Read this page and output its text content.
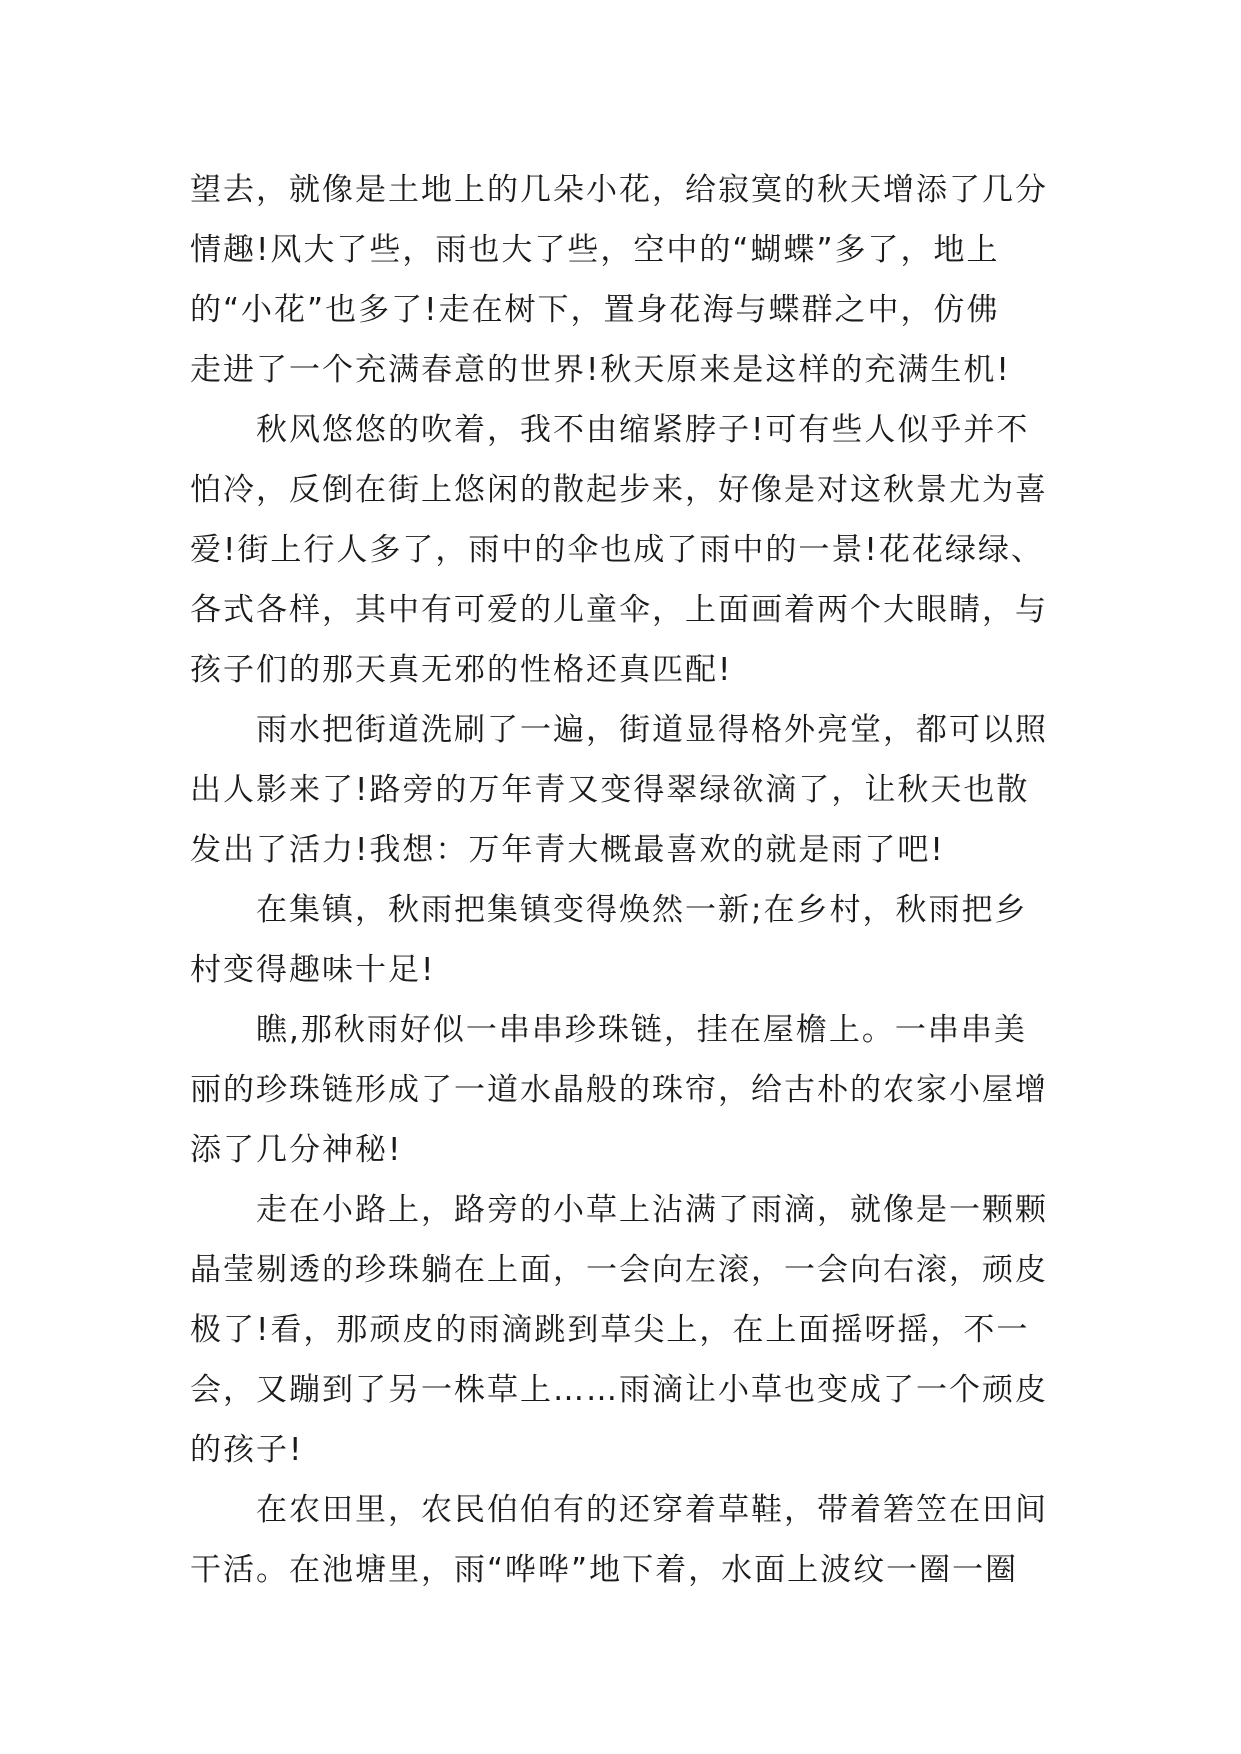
望去，就像是土地上的几朵小花，给寂寞的秋天增添了几分
情趣!风大了些，雨也大了些，空中的“蝴蝶”多了，地上
的“小花”也多了!走在树下，置身花海与蝶群之中，仿佛
走进了一个充满春意的世界!秋天原来是这样的充满生机!
秋风悠悠的吹着，我不由缩紧脖子!可有些人似乎并不
怕冷，反倒在街上悠闲的散起步来，好像是对这秋景尤为喜
爱!街上行人多了，雨中的伞也成了雨中的一景!花花绿绿、
各式各样，其中有可爱的儿童伞，上面画着两个大眼睛，与
孩子们的那天真无邪的性格还真匹配!
雨水把街道洗刷了一遍，街道显得格外亮堂，都可以照
出人影来了!路旁的万年青又变得翠绿欲滴了，让秋天也散
发出了活力!我想：万年青大概最喜欢的就是雨了吧!
在集镇，秋雨把集镇变得焕然一新;在乡村，秋雨把乡
村变得趣味十足!
瞧,那秋雨好似一串串珍珠链，挂在屋檐上。一串串美
丽的珍珠链形成了一道水晶般的珠帘，给古朴的农家小屋增
添了几分神秘!
走在小路上，路旁的小草上沾满了雨滴，就像是一颗颗
晶莹剔透的珍珠躺在上面，一会向左滚，一会向右滚，顽皮
极了!看，那顽皮的雨滴跳到草尖上，在上面摇呀摇，不一
会，又蹦到了另一株草上……雨滴让小草也变成了一个顽皮
的孩子!
在农田里，农民伯伯有的还穿着草鞋，带着箬笠在田间
干活。在池塘里，雨“哗哗”地下着，水面上波纹一圈一圈
